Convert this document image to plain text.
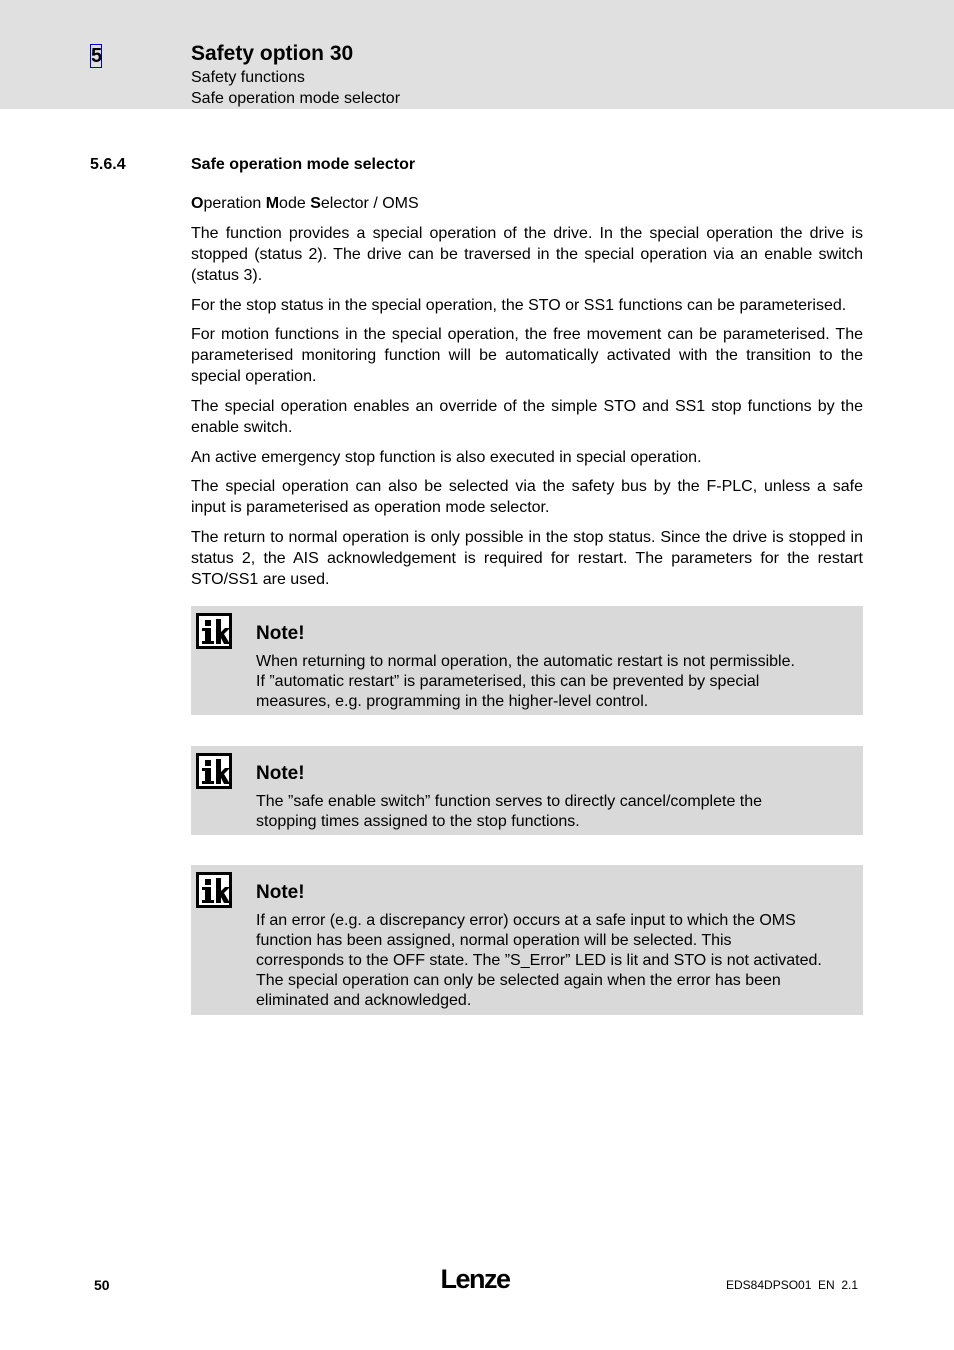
5	Safety option 30
Safety functions
Safe operation mode selector
5.6.4	Safe operation mode selector
Operation Mode Selector / OMS

The function provides a special operation of the drive. In the special operation the drive is stopped (status 2). The drive can be traversed in the special operation via an enable switch (status 3).

For the stop status in the special operation, the STO or SS1 functions can be parameterised.

For motion functions in the special operation, the free movement can be parameterised. The parameterised monitoring function will be automatically activated with the transition to the special operation.

The special operation enables an override of the simple STO and SS1 stop functions by the enable switch.

An active emergency stop function is also executed in special operation.

The special operation can also be selected via the safety bus by the F-PLC, unless a safe input is parameterised as operation mode selector.

The return to normal operation is only possible in the stop status. Since the drive is stopped in status 2, the AIS acknowledgement is required for restart. The parameters for the restart STO/SS1 are used.

Note!
When returning to normal operation, the automatic restart is not permissible.
If ”automatic restart” is parameterised, this can be prevented by special
measures, e.g. programming in the higher-level control.
Note!
The ”safe enable switch” function serves to directly cancel/complete the
stopping times assigned to the stop functions.
Note!
If an error (e.g. a discrepancy error) occurs at a safe input to which the OMS
function has been assigned, normal operation will be selected. This
corresponds to the OFF state. The ”S_Error” LED is lit and STO is not activated.
The special operation can only be selected again when the error has been
eliminated and acknowledged.
50	Lenze	EDS84DPSO01  EN  2.1
